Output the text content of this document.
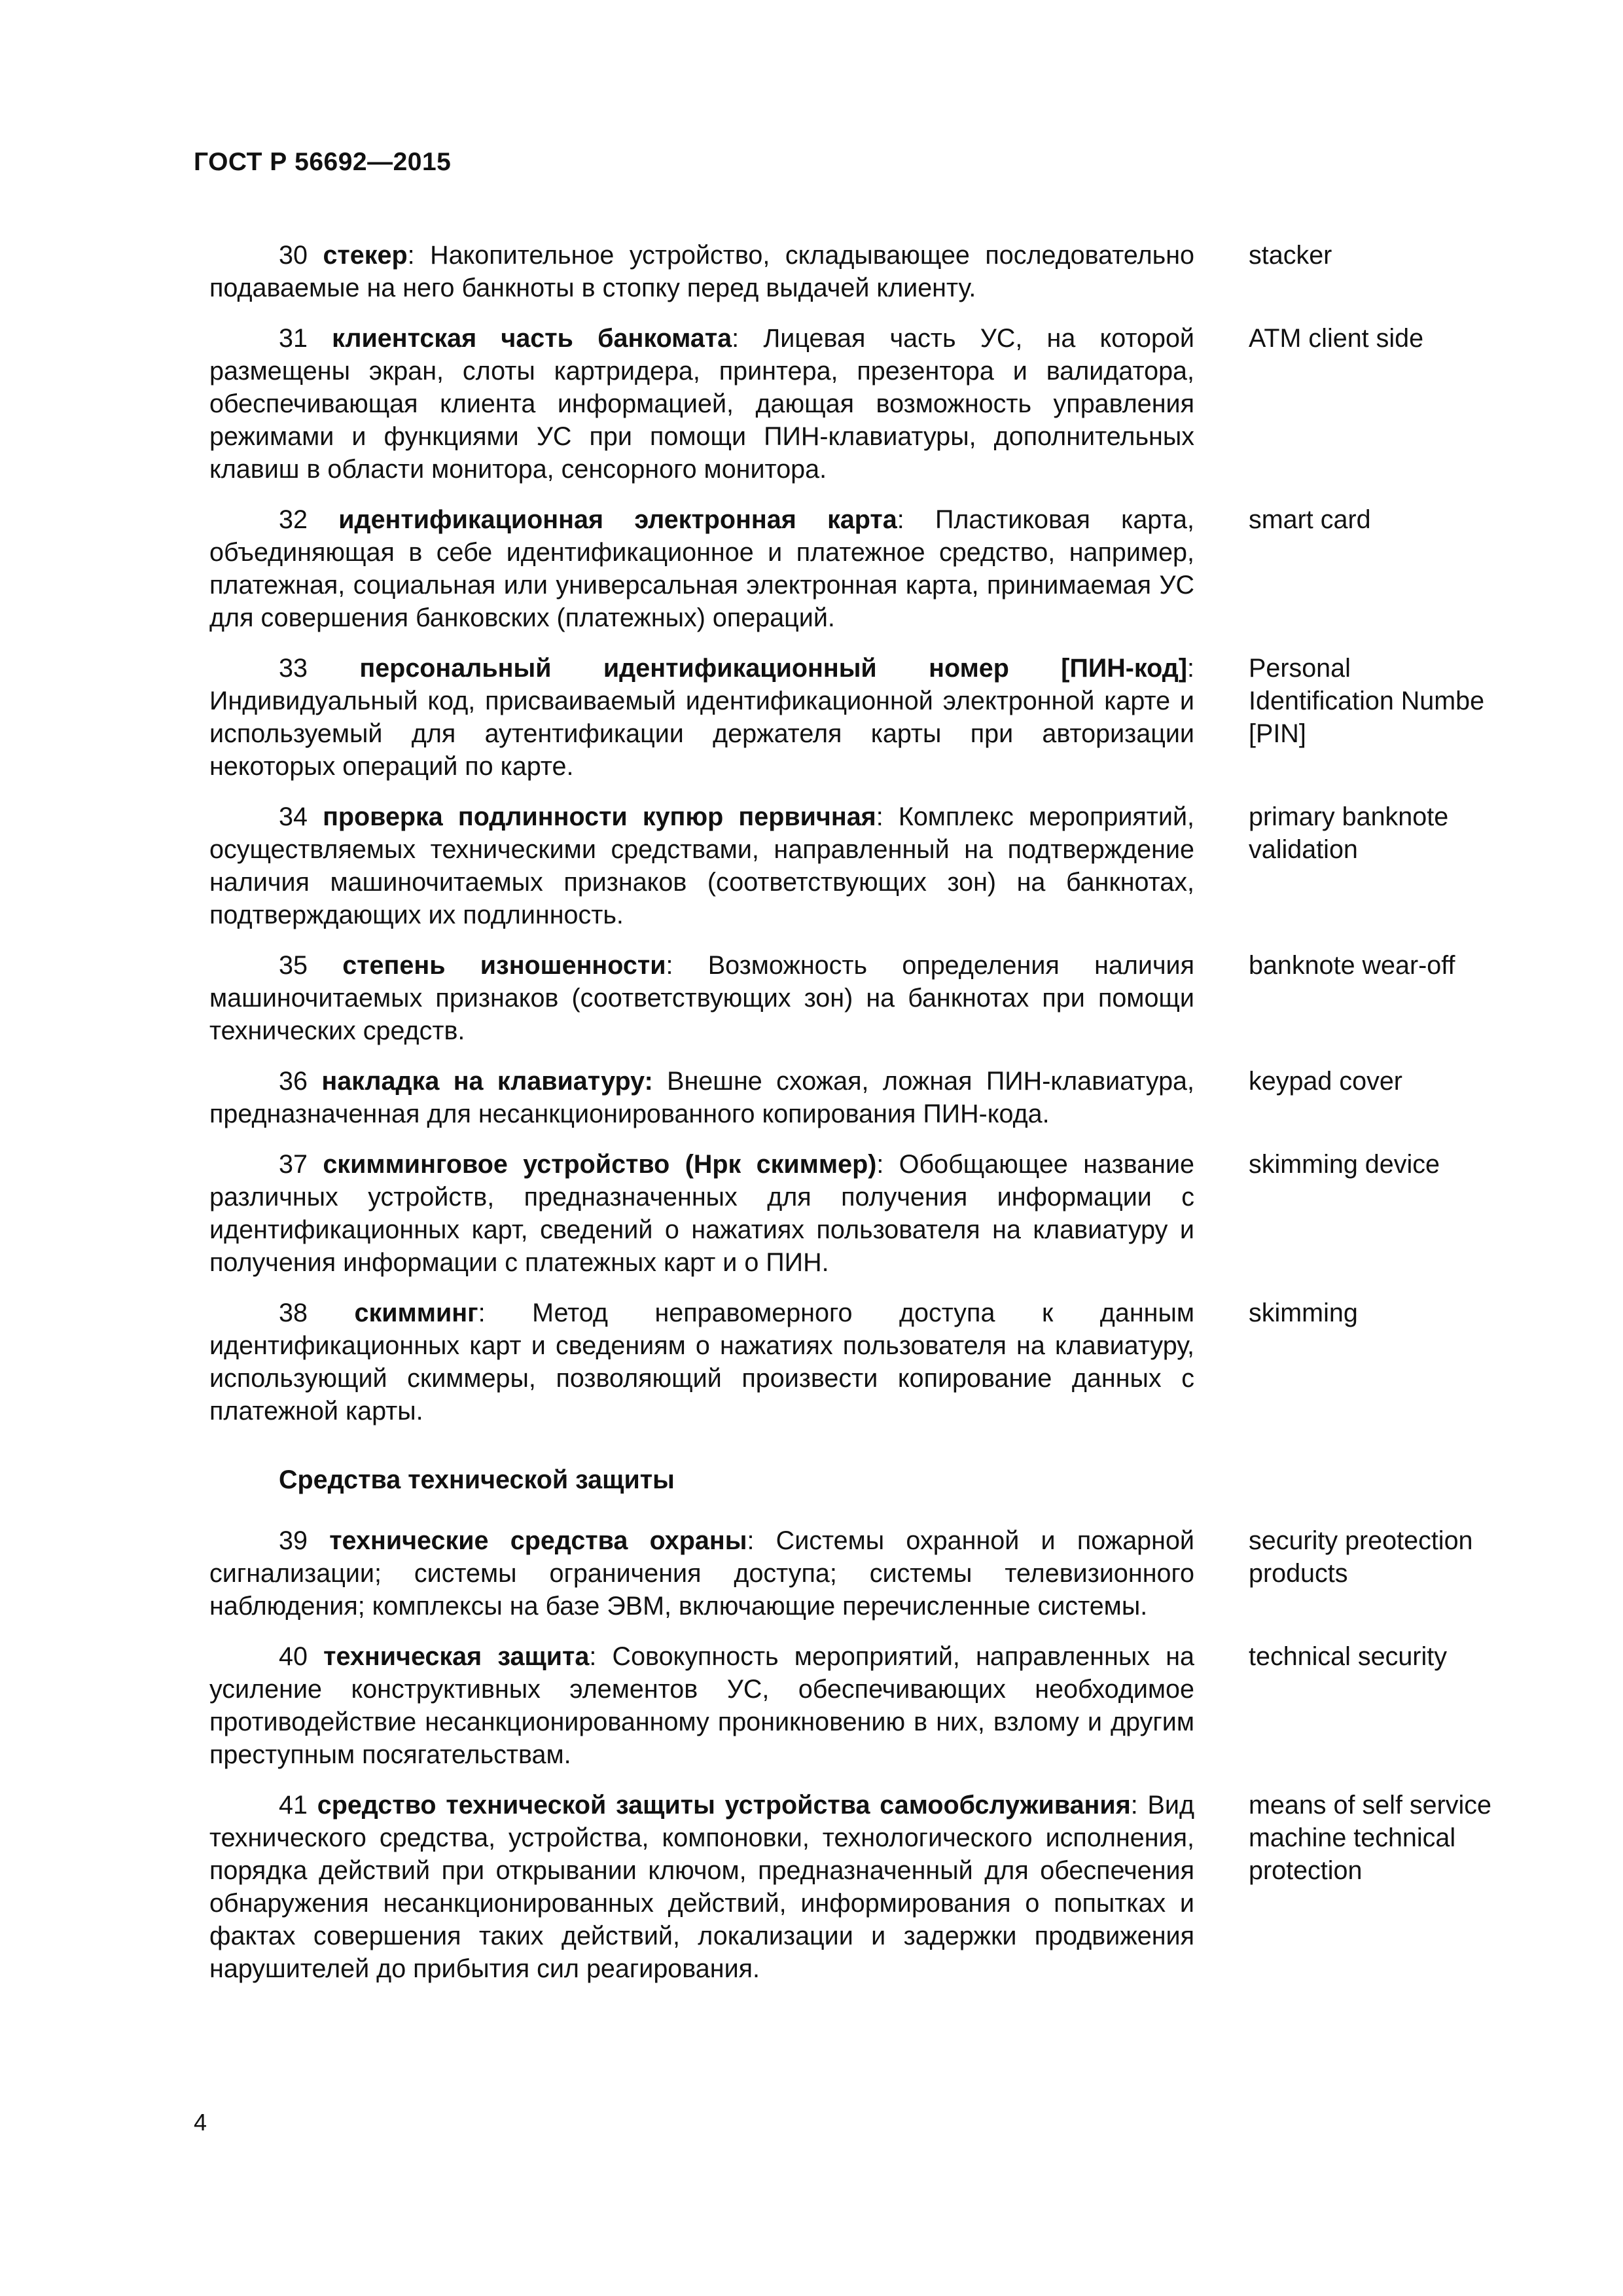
ГОСТ Р 56692—2015

30 стекер: Накопительное устройство, складывающее последовательно подаваемые на него банкноты в стопку перед выдачей клиенту.

stacker

31 клиентская часть банкомата: Лицевая часть УС, на которой размещены экран, слоты картридера, принтера, презентора и валидатора, обеспечивающая клиента информацией, дающая возможность управления режимами и функциями УС при помощи ПИН-клавиатуры, дополнительных клавиш в области монитора, сенсорного монитора.

ATM client side

32 идентификационная электронная карта: Пластиковая карта, объединяющая в себе идентификационное и платежное средство, например, платежная, социальная или универсальная электронная карта, принимаемая УС для совершения банковских (платежных) операций.

smart card

33 персональный идентификационный номер [ПИН-код]: Индивидуальный код, присваиваемый идентификационной электронной карте и используемый для аутентификации держателя карты при авторизации некоторых операций по карте.

Personal
Identification Numbe
[PIN]

34 проверка подлинности купюр первичная: Комплекс мероприятий, осуществляемых техническими средствами, направленный на подтверждение наличия машиночитаемых признаков (соответствующих зон) на банкнотах, подтверждающих их подлинность.

primary banknote
validation

35 степень изношенности: Возможность определения наличия машиночитаемых признаков (соответствующих зон) на банкнотах при помощи технических средств.

banknote wear-off

36 накладка на клавиатуру: Внешне схожая, ложная ПИН-клавиатура, предназначенная для несанкционированного копирования ПИН-кода.

keypad cover

37 скимминговое устройство (Нрк скиммер): Обобщающее название различных устройств, предназначенных для получения информации с идентификационных карт, сведений о нажатиях пользователя на клавиатуру и получения информации с платежных карт и о ПИН.

skimming device

38 скимминг: Метод неправомерного доступа к данным идентификационных карт и сведениям о нажатиях пользователя на клавиатуру, использующий скиммеры, позволяющий произвести копирование данных с платежной карты.

skimming
Средства технической защиты

39 технические средства охраны: Системы охранной и пожарной сигнализации; системы ограничения доступа; системы телевизионного наблюдения; комплексы на базе ЭВМ, включающие перечисленные системы.

security preotection
products

40 техническая защита: Совокупность мероприятий, направленных на усиление конструктивных элементов УС, обеспечивающих необходимое противодействие несанкционированному проникновению в них, взлому и другим преступным посягательствам.

technical security

41 средство технической защиты устройства самообслуживания: Вид технического средства, устройства, компоновки, технологического исполнения, порядка действий при открывании ключом, предназначенный для обеспечения обнаружения несанкционированных действий, информирования о попытках и фактах совершения таких действий, локализации и задержки продвижения нарушителей до прибытия сил реагирования.

means of self service
machine technical
protection
4
